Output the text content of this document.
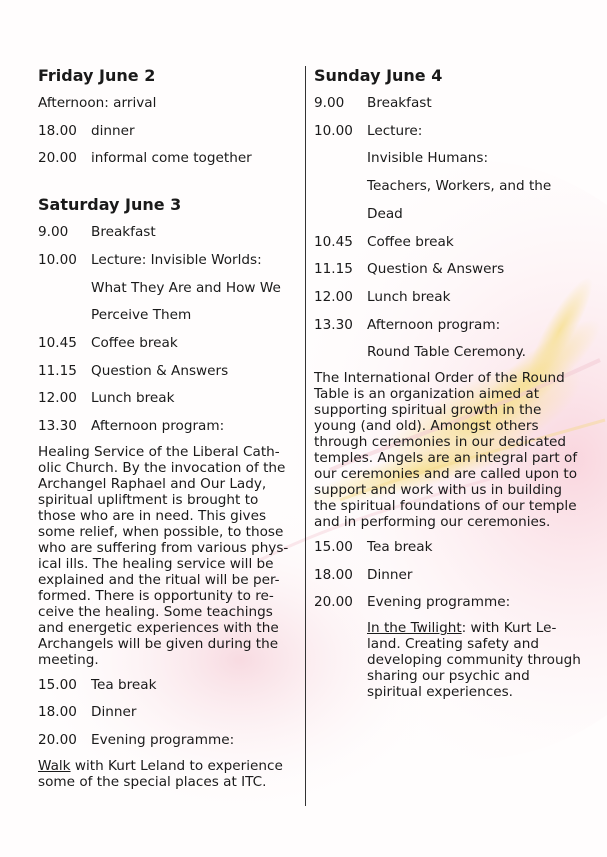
Friday June 2
Afternoon: arrival
18.00	dinner
20.00	informal come together
Saturday June 3
9.00	Breakfast
10.00	Lecture: Invisible Worlds:
What They Are and How We
Perceive Them
10.45	Coffee break
11.15	Question & Answers
12.00	Lunch break
13.30	Afternoon program:
Healing Service of the Liberal Cath-olic Church. By the invocation of the Archangel Raphael and Our Lady, spiritual upliftment is brought to those who are in need. This gives some relief, when possible, to those who are suffering from various phys-ical ills. The healing service will be explained and the ritual will be per-formed. There is opportunity to re-ceive the healing. Some teachings and energetic experiences with the Archangels will be given during the meeting.
15.00	Tea break
18.00	Dinner
20.00	Evening programme:
Walk with Kurt Leland to experience some of the special places at ITC.
Sunday June 4
9.00	Breakfast
10.00	Lecture:
Invisible Humans:
Teachers, Workers, and the
Dead
10.45	Coffee break
11.15	Question & Answers
12.00	Lunch break
13.30	Afternoon program:
Round Table Ceremony.
The International Order of the Round Table is an organization aimed at supporting spiritual growth in the young (and old). Amongst others through ceremonies in our dedicated temples. Angels are an integral part of our ceremonies and are called upon to support and work with us in building the spiritual foundations of our temple and in performing our ceremonies.
15.00	Tea break
18.00	Dinner
20.00	Evening programme:
In the Twilight: with Kurt Le-land. Creating safety and developing community through sharing our psychic and spiritual experiences.
